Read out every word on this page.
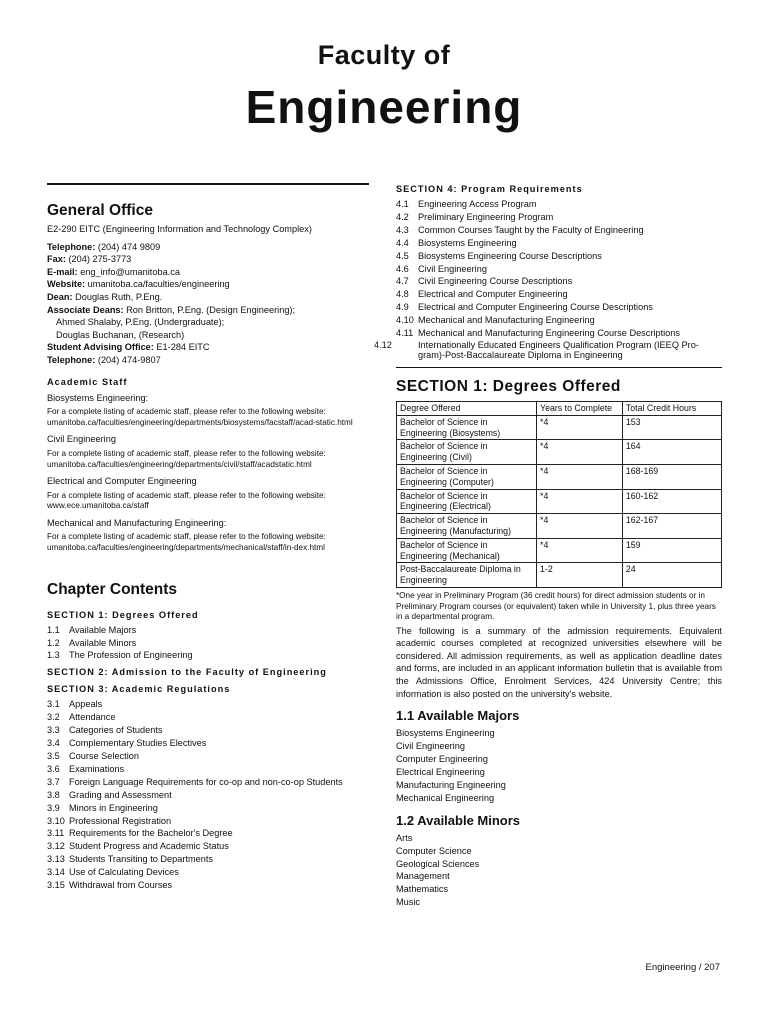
Faculty of
Engineering
General Office
E2-290 EITC (Engineering Information and Technology Complex)
Telephone: (204) 474 9809
Fax: (204) 275-3773
E-mail: eng_info@umanitoba.ca
Website: umanitoba.ca/faculties/engineering
Dean: Douglas Ruth, P.Eng.
Associate Deans: Ron Britton, P.Eng. (Design Engineering);
Ahmed Shalaby, P.Eng. (Undergraduate);
Douglas Buchanan, (Research)
Student Advising Office: E1-284 EITC
Telephone: (204) 474-9807
Academic Staff
Biosystems Engineering:
For a complete listing of academic staff, please refer to the following website: umanitoba.ca/faculties/engineering/departments/biosystems/facstaff/acad-static.html
Civil Engineering
For a complete listing of academic staff, please refer to the following website: umanitoba.ca/faculties/engineering/departments/civil/staff/acadstatic.html
Electrical and Computer Engineering
For a complete listing of academic staff, please refer to the following website: www.ece.umanitoba.ca/staff
Mechanical and Manufacturing Engineering:
For a complete listing of academic staff, please refer to the following website: umanitoba.ca/faculties/engineering/departments/mechanical/staff/in-dex.html
Chapter Contents
SECTION 1: Degrees Offered
1.1 Available Majors
1.2 Available Minors
1.3 The Profession of Engineering
SECTION 2: Admission to the Faculty of Engineering
SECTION 3: Academic Regulations
3.1 Appeals
3.2 Attendance
3.3 Categories of Students
3.4 Complementary Studies Electives
3.5 Course Selection
3.6 Examinations
3.7 Foreign Language Requirements for co-op and non-co-op Students
3.8 Grading and Assessment
3.9 Minors in Engineering
3.10 Professional Registration
3.11 Requirements for the Bachelor's Degree
3.12 Student Progress and Academic Status
3.13 Students Transiting to Departments
3.14 Use of Calculating Devices
3.15 Withdrawal from Courses
SECTION 4: Program Requirements
4.1 Engineering Access Program
4.2 Preliminary Engineering Program
4.3 Common Courses Taught by the Faculty of Engineering
4.4 Biosystems Engineering
4.5 Biosystems Engineering Course Descriptions
4.6 Civil Engineering
4.7 Civil Engineering Course Descriptions
4.8 Electrical and Computer Engineering
4.9 Electrical and Computer Engineering Course Descriptions
4.10 Mechanical and Manufacturing Engineering
4.11 Mechanical and Manufacturing Engineering Course Descriptions
4.12	Internationally Educated Engineers Qualification Program (IEEQ Pro-gram)-Post-Baccalaureate Diploma in Engineering
SECTION 1: Degrees Offered
Degree Offered	Years to Complete	Total Credit Hours
Bachelor of Science in Engineering (Biosystems)	*4	153
Bachelor of Science in Engineering (Civil)	*4	164
Bachelor of Science in Engineering (Computer)	*4	168-169
Bachelor of Science in Engineering (Electrical)	*4	160-162
Bachelor of Science in Engineering (Manufacturing)	*4	162-167
Bachelor of Science in Engineering (Mechanical)	*4	159
Post-Baccalaureate Diploma in Engineering	1-2	24
*One year in Preliminary Program (36 credit hours) for direct admission students or in Preliminary Program courses (or equivalent) taken while in University 1, plus three years in a departmental program.
The following is a summary of the admission requirements. Equivalent academic courses completed at recognized universities elsewhere will be considered. All admission requirements, as well as application deadline dates and forms, are included in an applicant information bulletin that is available from the Admissions Office, Enrolment Services, 424 University Centre; this information is also posted on the university's website.
1.1 Available Majors
Biosystems Engineering
Civil Engineering
Computer Engineering
Electrical Engineering
Manufacturing Engineering
Mechanical Engineering
1.2 Available Minors
Arts
Computer Science
Geological Sciences
Management
Mathematics
Music
Engineering / 207
